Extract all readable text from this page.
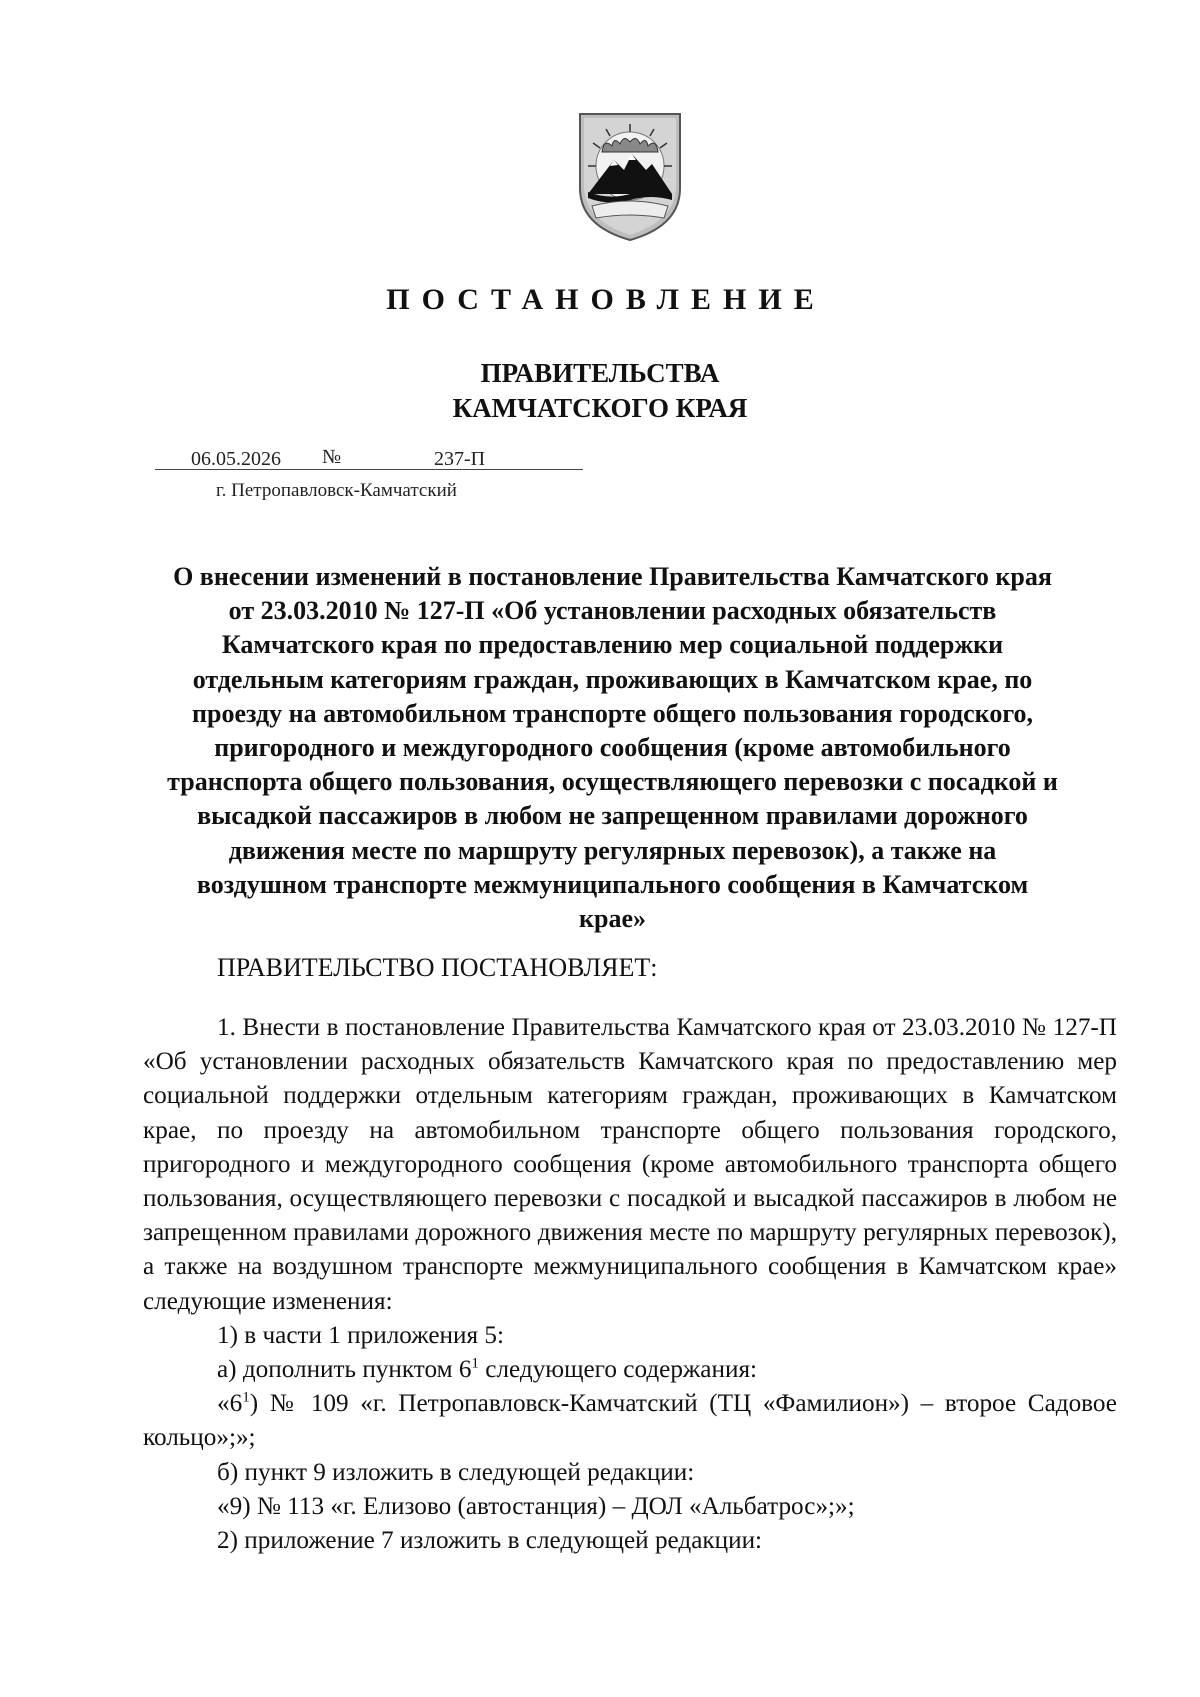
ПОСТАНОВЛЕНИЕ
ПРАВИТЕЛЬСТВА
КАМЧАТСКОГО КРАЯ
06.05.2026 №	237-П
г. Петропавловск-Камчатский
О внесении изменений в постановление Правительства Камчатского края
от 23.03.2010 № 127-П «Об установлении расходных обязательств
Камчатского края по предоставлению мер социальной поддержки
отдельным категориям граждан, проживающих в Камчатском крае, по
проезду на автомобильном транспорте общего пользования городского,
пригородного и междугородного сообщения (кроме автомобильного
транспорта общего пользования, осуществляющего перевозки с посадкой и
высадкой пассажиров в любом не запрещенном правилами дорожного
движения месте по маршруту регулярных перевозок), а также на
воздушном транспорте межмуниципального сообщения в Камчатском
крае»
ПРАВИТЕЛЬСТВО ПОСТАНОВЛЯЕТ:

1. Внести в постановление Правительства Камчатского края от 23.03.2010 № 127-П «Об установлении расходных обязательств Камчатского края по предоставлению мер социальной поддержки отдельным категориям граждан, проживающих в Камчатском крае, по проезду на автомобильном транспорте общего пользования городского, пригородного и междугородного сообщения (кроме автомобильного транспорта общего пользования, осуществляющего перевозки с посадкой и высадкой пассажиров в любом не запрещенном правилами дорожного движения месте по маршруту регулярных перевозок), а также на воздушном транспорте межмуниципального сообщения в Камчатском крае» следующие изменения:

1) в части 1 приложения 5:

а) дополнить пунктом $6^1$ следующего содержания:

«$6^1$) № 109 «г. Петропавловск-Камчатский (ТЦ «Фамилион») – второе Садовое кольцо»;»;

б) пункт 9 изложить в следующей редакции:

«9) № 113 «г. Елизово (автостанция) – ДОЛ «Альбатрос»;»;

2) приложение 7 изложить в следующей редакции:
